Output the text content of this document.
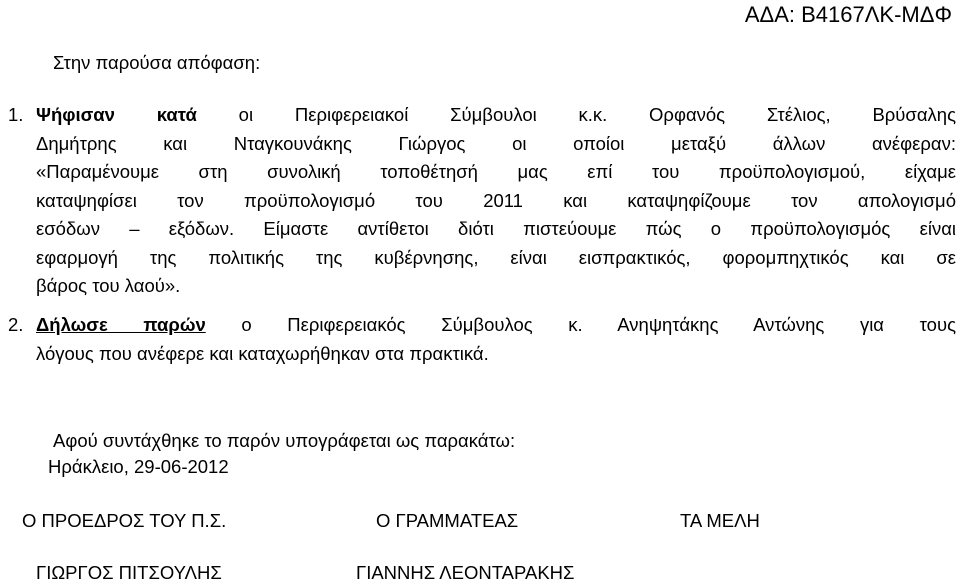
ΑΔΑ: Β4167ΛΚ-ΜΔΦ
Στην παρούσα απόφαση:
1. Ψήφισαν κατά οι Περιφερειακοί Σύμβουλοι κ.κ. Ορφανός Στέλιος, Βρύσαλης
Δημήτρης και Νταγκουνάκης Γιώργος οι οποίοι μεταξύ άλλων ανέφεραν:
«Παραμένουμε στη συνολική τοποθέτησή μας επί του προϋπολογισμού, είχαμε
καταψηφίσει τον προϋπολογισμό του 2011 και καταψηφίζουμε τον απολογισμό
εσόδων – εξόδων. Είμαστε αντίθετοι διότι πιστεύουμε πώς ο προϋπολογισμός είναι
εφαρμογή της πολιτικής της κυβέρνησης, είναι εισπρακτικός, φορομπηχτικός και σε
βάρος του λαού».
2. Δήλωσε παρών ο Περιφερειακός Σύμβουλος κ. Ανηψητάκης Αντώνης για τους
λόγους που ανέφερε και καταχωρήθηκαν στα πρακτικά.
Αφού συντάχθηκε το παρόν υπογράφεται ως παρακάτω:
Ηράκλειο, 29-06-2012
Ο ΠΡΟΕΔΡΟΣ ΤΟΥ Π.Σ.	Ο ΓΡΑΜΜΑΤΕΑΣ	ΤΑ ΜΕΛΗ
ΓΙΩΡΓΟΣ ΠΙΤΣΟΥΛΗΣ	ΓΙΑΝΝΗΣ ΛΕΟΝΤΑΡΑΚΗΣ
